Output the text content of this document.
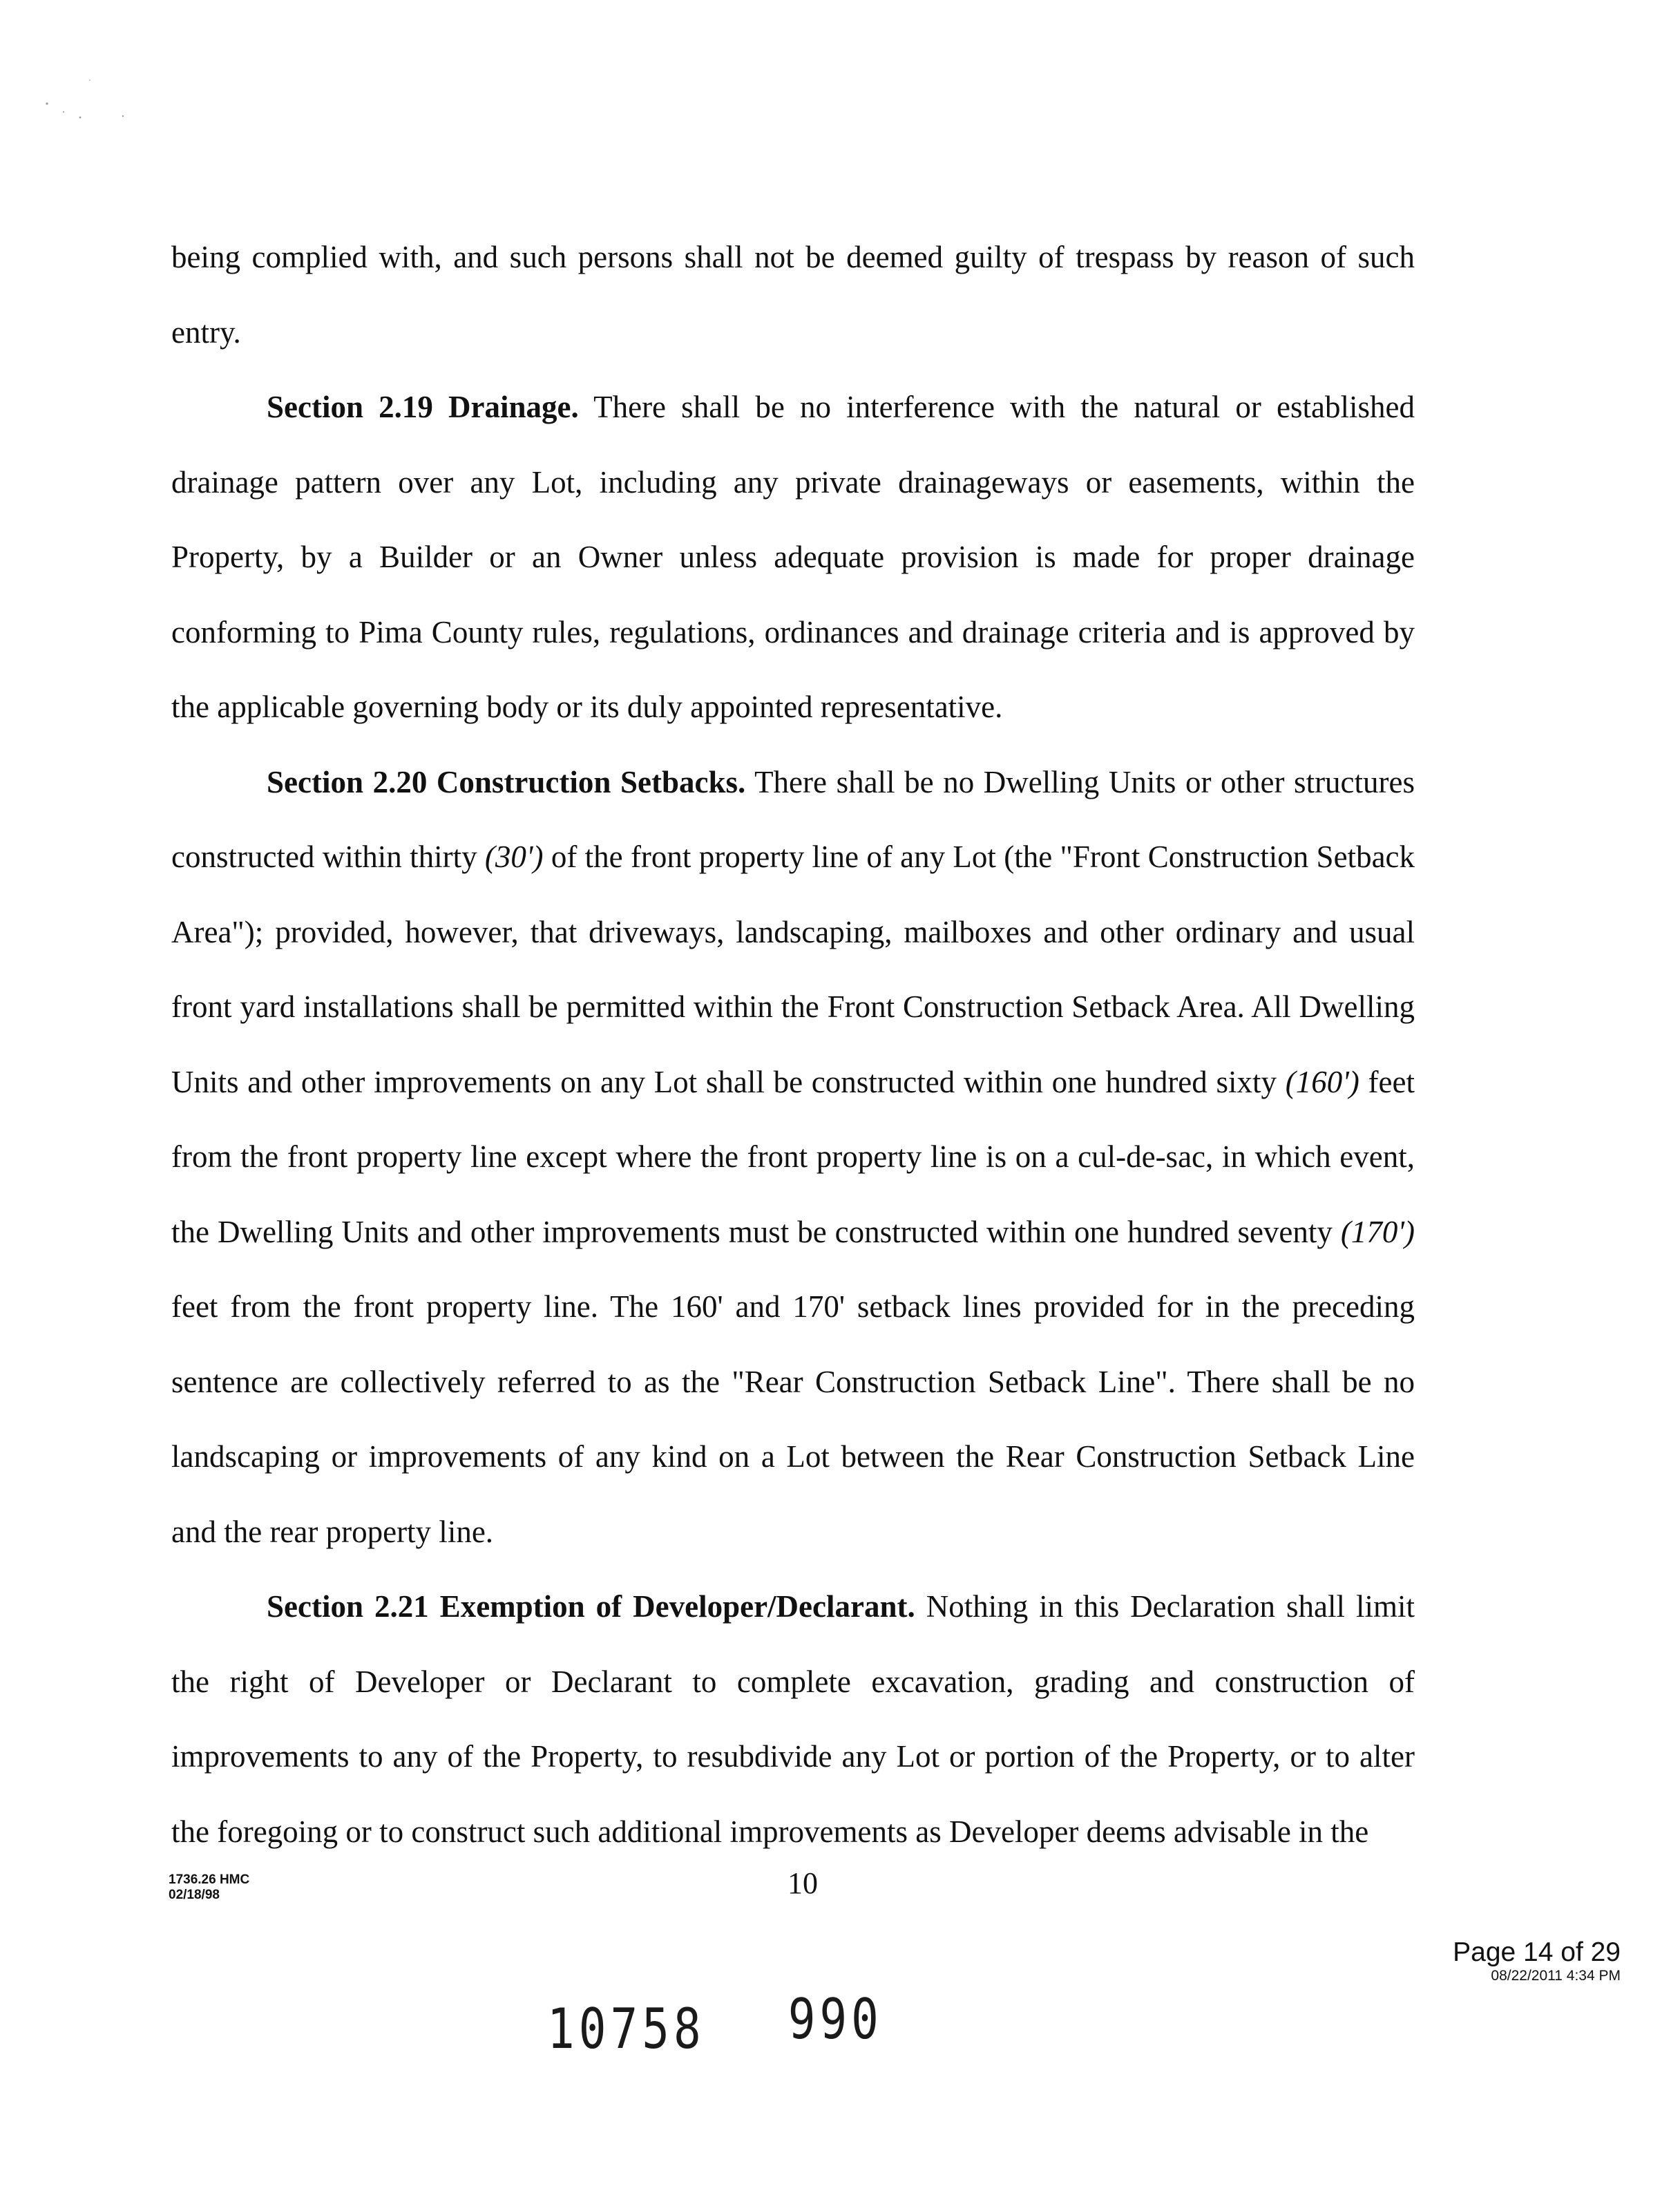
being complied with, and such persons shall not be deemed guilty of trespass by reason of such entry.

Section 2.19 Drainage. There shall be no interference with the natural or established drainage pattern over any Lot, including any private drainageways or easements, within the Property, by a Builder or an Owner unless adequate provision is made for proper drainage conforming to Pima County rules, regulations, ordinances and drainage criteria and is approved by the applicable governing body or its duly appointed representative.

Section 2.20 Construction Setbacks. There shall be no Dwelling Units or other structures constructed within thirty (30') of the front property line of any Lot (the "Front Construction Setback Area"); provided, however, that driveways, landscaping, mailboxes and other ordinary and usual front yard installations shall be permitted within the Front Construction Setback Area. All Dwelling Units and other improvements on any Lot shall be constructed within one hundred sixty (160') feet from the front property line except where the front property line is on a cul-de-sac, in which event, the Dwelling Units and other improvements must be constructed within one hundred seventy (170') feet from the front property line. The 160' and 170' setback lines provided for in the preceding sentence are collectively referred to as the "Rear Construction Setback Line". There shall be no landscaping or improvements of any kind on a Lot between the Rear Construction Setback Line and the rear property line.

Section 2.21 Exemption of Developer/Declarant. Nothing in this Declaration shall limit the right of Developer or Declarant to complete excavation, grading and construction of improvements to any of the Property, to resubdivide any Lot or portion of the Property, or to alter the foregoing or to construct such additional improvements as Developer deems advisable in the

1736.26 HMC
02/18/98	10
Page 14 of 29
08/22/2011 4:34 PM
10758 990
